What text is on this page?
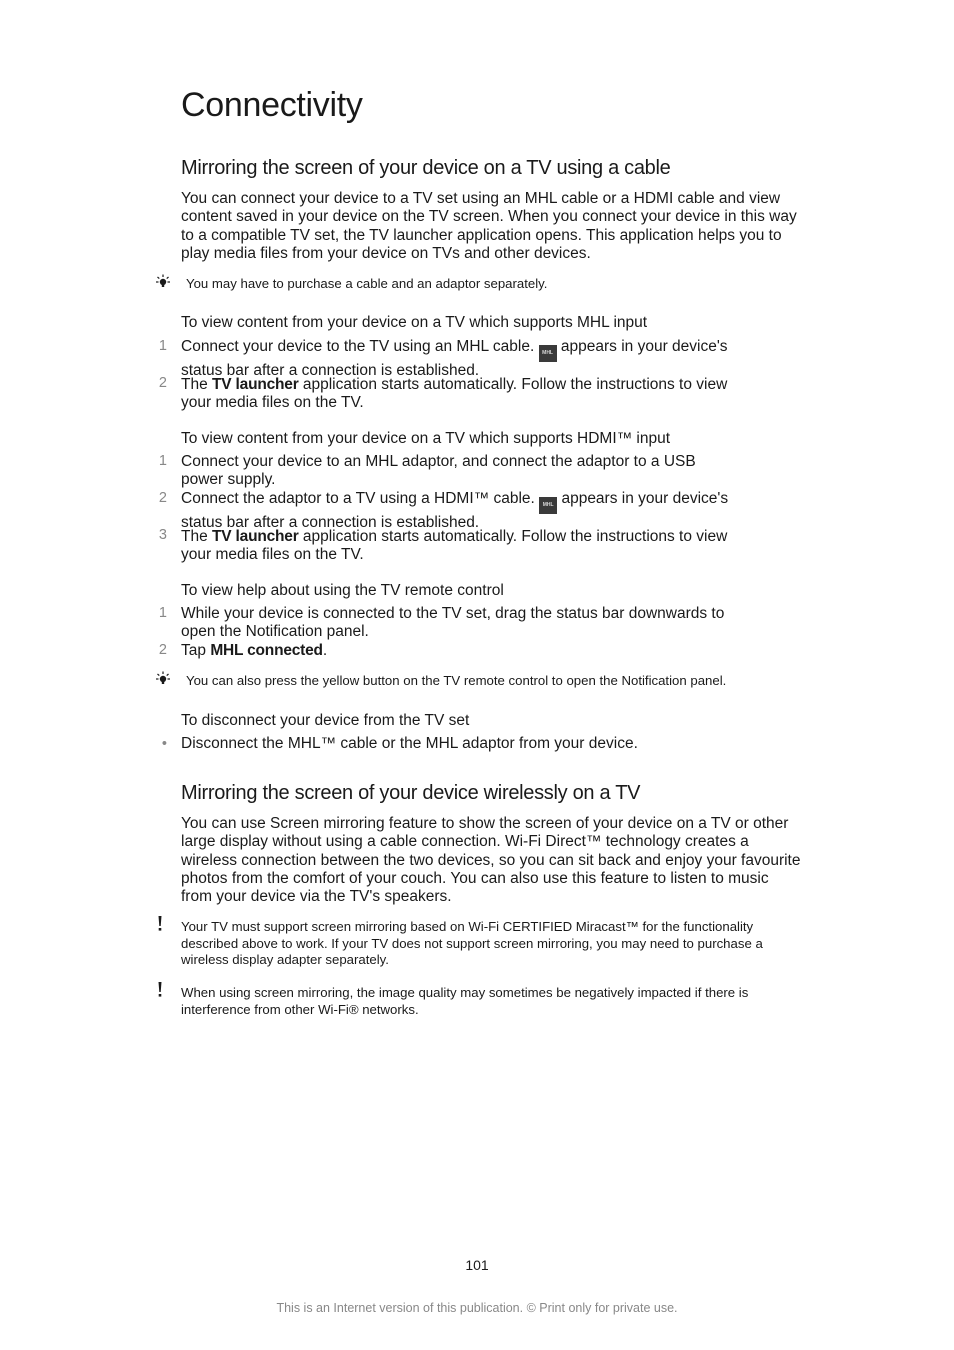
Connectivity
Mirroring the screen of your device on a TV using a cable

You can connect your device to a TV set using an MHL cable or a HDMI cable and view content saved in your device on the TV screen. When you connect your device in this way to a compatible TV set, the TV launcher application opens. This application helps you to play media files from your device on TVs and other devices.

You may have to purchase a cable and an adaptor separately.
To view content from your device on a TV which supports MHL input
1 Connect your device to the TV using an MHL cable. MHL appears in your device's status bar after a connection is established.
2 The TV launcher application starts automatically. Follow the instructions to view your media files on the TV.
To view content from your device on a TV which supports HDMI™ input
1 Connect your device to an MHL adaptor, and connect the adaptor to a USB power supply.
2 Connect the adaptor to a TV using a HDMI™ cable. MHL appears in your device's status bar after a connection is established.
3 The TV launcher application starts automatically. Follow the instructions to view your media files on the TV.
To view help about using the TV remote control
1 While your device is connected to the TV set, drag the status bar downwards to open the Notification panel.
2 Tap MHL connected.
You can also press the yellow button on the TV remote control to open the Notification panel.
To disconnect your device from the TV set
• Disconnect the MHL™ cable or the MHL adaptor from your device.
Mirroring the screen of your device wirelessly on a TV

You can use Screen mirroring feature to show the screen of your device on a TV or other large display without using a cable connection. Wi-Fi Direct™ technology creates a wireless connection between the two devices, so you can sit back and enjoy your favourite photos from the comfort of your couch. You can also use this feature to listen to music from your device via the TV's speakers.

Your TV must support screen mirroring based on Wi-Fi CERTIFIED Miracast™ for the functionality described above to work. If your TV does not support screen mirroring, you may need to purchase a wireless display adapter separately.
When using screen mirroring, the image quality may sometimes be negatively impacted if there is interference from other Wi-Fi® networks.
101
This is an Internet version of this publication. © Print only for private use.
